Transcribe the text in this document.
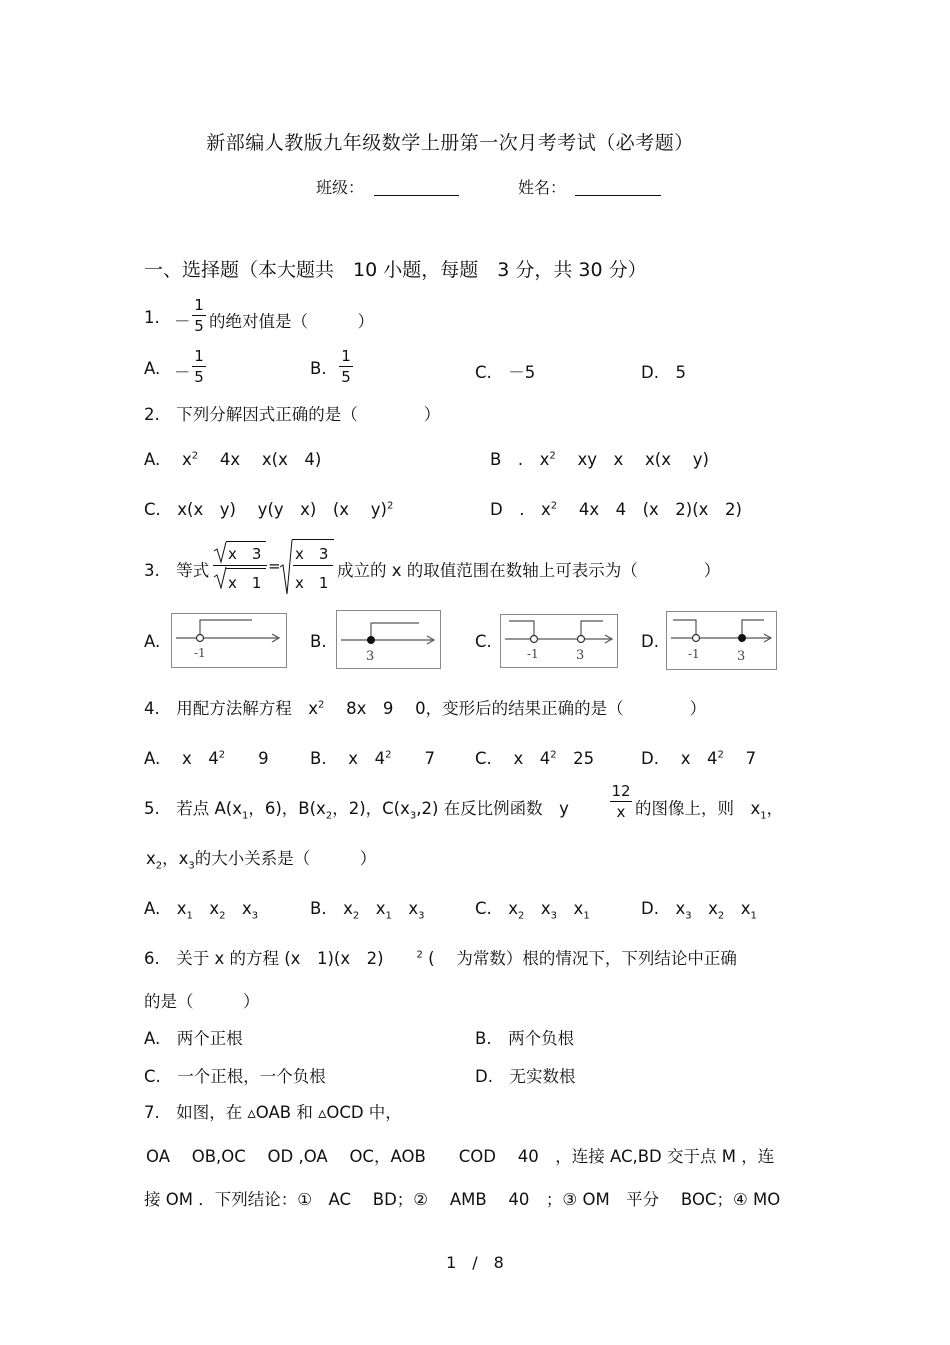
新部编人教版九年级数学上册第一次月考考试（必考题）
班级：	姓名：
一、选择题（本大题共　10 小题，每题　3 分，共 30 分）
1. －
1
5 的绝对值是（　　　）
A. －
1
5	B.
1
5	C.　－5	D.　5
2.　下列分解因式正确的是（　　　　）
A.　 $x^2$　 4x　 x(x　4)	B　.　$x^2$　 xy　x　 x(x　 y)
C.　x(x　y)　 y(y　x)　(x　 y)$^2$	D　.　$x^2$　 4x　4　(x　2)(x　2)
3.　等式
x　3
x　1
=
x　3
x　1
成立的 x 的取值范围在数轴上可表示为（　　　　）
A.
-1
B.
3
C.
-1	3
D.
-1	3
4.　用配方法解方程　$x^2$　 8x　9　 0，变形后的结果正确的是（　　　　）
A.　 x　$4^2$　　 9	B.　 x　$4^2$　　 7 C.　 x　$4^2$　 25	D.　 x　$4^2$　 7
5.　若点 $A(x_1$，6)，$B(x_2$，2)，$C(x_3,2)$ 在反比例函数　y
12
x 的图像上，则　$x_1$，
$x_2$，$x_3$的大小关系是（　　　）
A.　$x_1$　$x_2$　$x_3$	B.　$x_2$　$x_1$　$x_3$	C.　$x_2$　$x_3$　$x_1$	D.　$x_3$　$x_2$　$x_1$
6.　关于 x 的方程 (x　1)(x　2)　　	$^2$ (　 为常数）根的情况下，下列结论中正确
的是（　　　）
A.　两个正根	B.　两个负根
C.　一个正根，一个负根	D.　无实数根
7.　如图，在 ▵OAB 和 ▵OCD 中，
OA　 OB,OC　 OD ,OA　 OC，AOB　　COD　 40　，连接 AC,BD 交于点 M ，连
接 OM ．下列结论：①　AC　 BD；②　 AMB　 40　；③ OM　平分　 BOC；④ MO
1　/　8
